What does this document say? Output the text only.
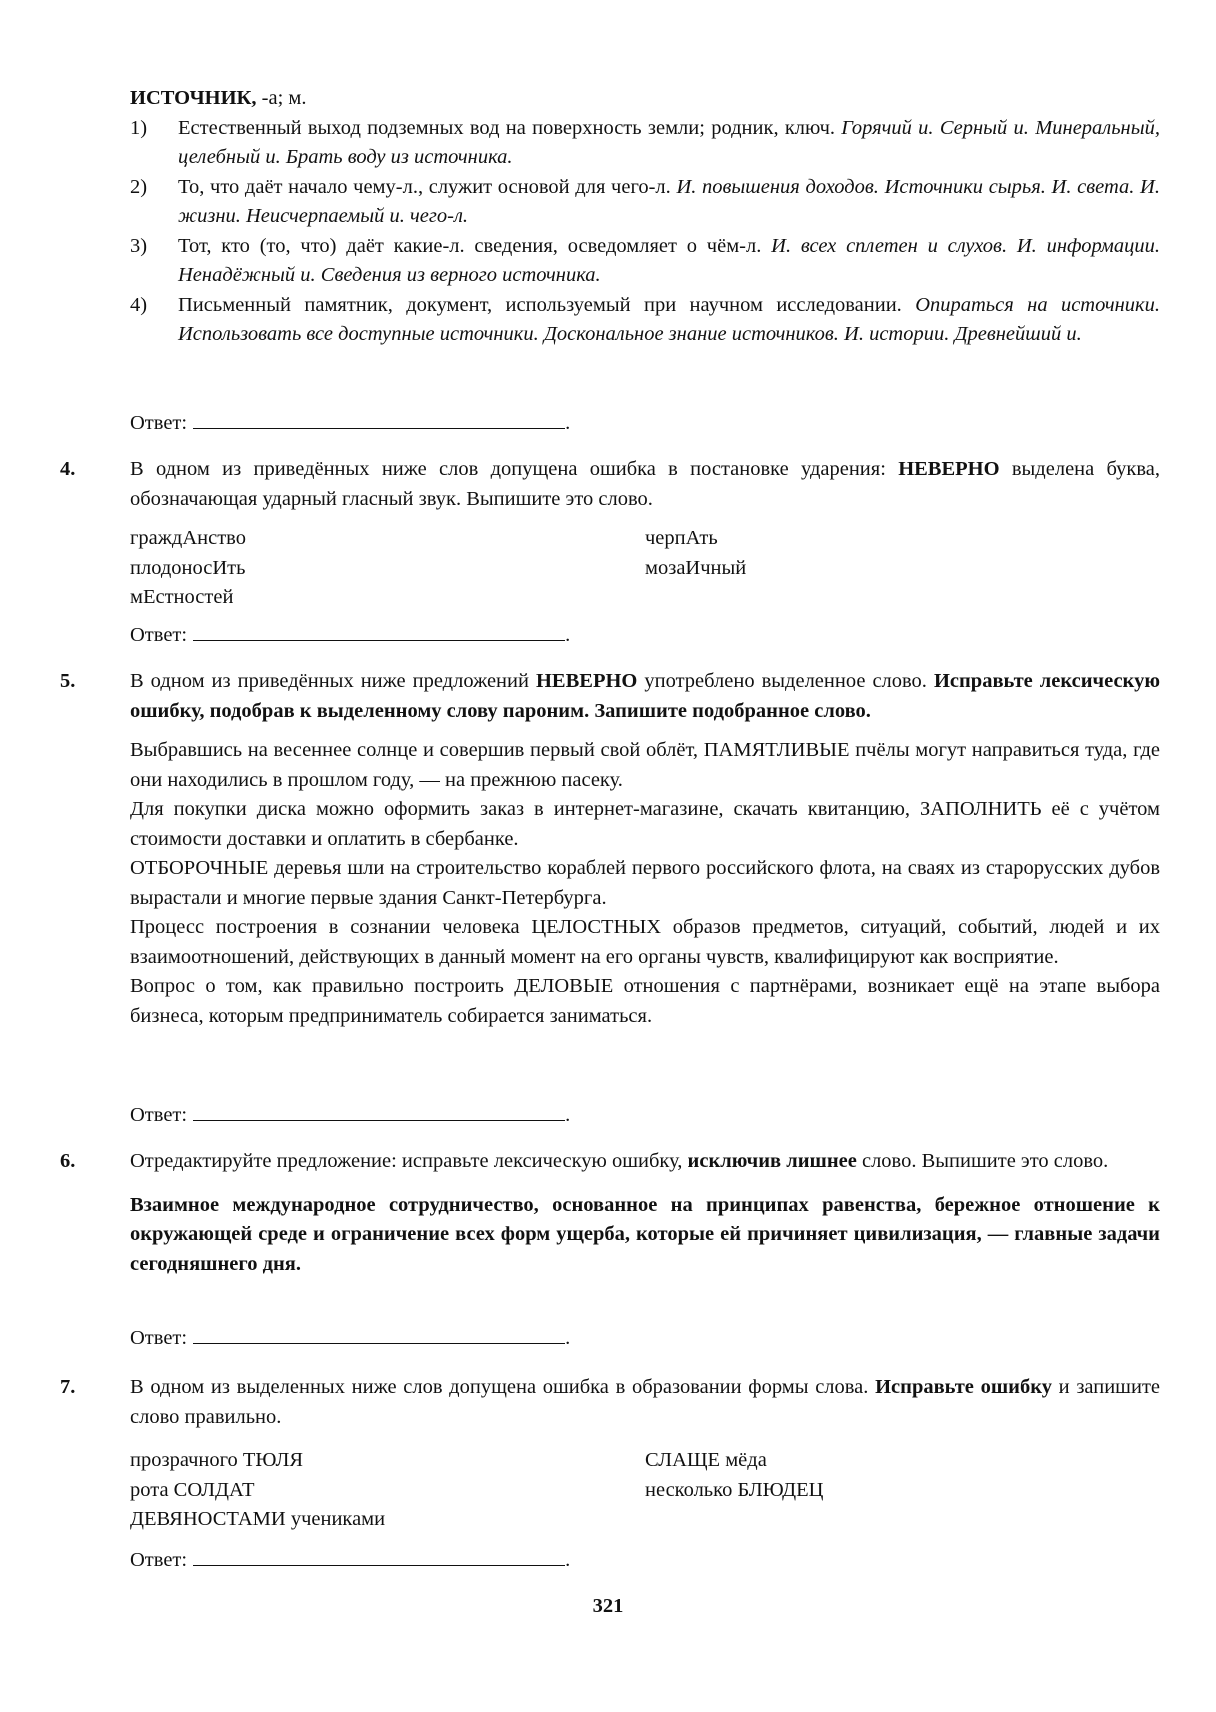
ИСТОЧНИК, -а; м.
1) Естественный выход подземных вод на поверхность земли; родник, ключ. Горячий и. Серный и. Минеральный, целебный и. Брать воду из источника.
2) То, что даёт начало чему-л., служит основой для чего-л. И. повышения доходов. Источники сырья. И. света. И. жизни. Неисчерпаемый и. чего-л.
3) Тот, кто (то, что) даёт какие-л. сведения, осведомляет о чём-л. И. всех сплетен и слухов. И. информации. Ненадёжный и. Сведения из верного источника.
4) Письменный памятник, документ, используемый при научном исследовании. Опираться на источники. Использовать все доступные источники. Доскональное знание источников. И. истории. Древнейший и.
Ответ:	.
4.	В одном из приведённых ниже слов допущена ошибка в постановке ударения: НЕВЕРНО выделена буква, обозначающая ударный гласный звук. Выпишите это слово.
граждАнство	черпАть
плодоносИть	мозаИчный
мЕстностей
Ответ:	.
5.	В одном из приведённых ниже предложений НЕВЕРНО употреблено выделенное слово. Исправьте лексическую ошибку, подобрав к выделенному слову пароним. Запишите подобранное слово.
Выбравшись на весеннее солнце и совершив первый свой облёт, ПАМЯТЛИВЫЕ пчёлы могут направиться туда, где они находились в прошлом году, — на прежнюю пасеку.
Для покупки диска можно оформить заказ в интернет-магазине, скачать квитанцию, ЗАПОЛНИТЬ её с учётом стоимости доставки и оплатить в сбербанке.
ОТБОРОЧНЫЕ деревья шли на строительство кораблей первого российского флота, на сваях из старорусских дубов вырастали и многие первые здания Санкт-Петербурга.
Процесс построения в сознании человека ЦЕЛОСТНЫХ образов предметов, ситуаций, событий, людей и их взаимоотношений, действующих в данный момент на его органы чувств, квалифицируют как восприятие.
Вопрос о том, как правильно построить ДЕЛОВЫЕ отношения с партнёрами, возникает ещё на этапе выбора бизнеса, которым предприниматель собирается заниматься.
Ответ:	.
6.	Отредактируйте предложение: исправьте лексическую ошибку, исключив лишнее слово. Выпишите это слово.
Взаимное международное сотрудничество, основанное на принципах равенства, бережное отношение к окружающей среде и ограничение всех форм ущерба, которые ей причиняет цивилизация, — главные задачи сегодняшнего дня.
Ответ:	.
7.	В одном из выделенных ниже слов допущена ошибка в образовании формы слова. Исправьте ошибку и запишите слово правильно.
прозрачного ТЮЛЯ	СЛАЩЕ мёда
рота СОЛДАТ	несколько БЛЮДЕЦ
ДЕВЯНОСТАМИ учениками
Ответ:	.
321
